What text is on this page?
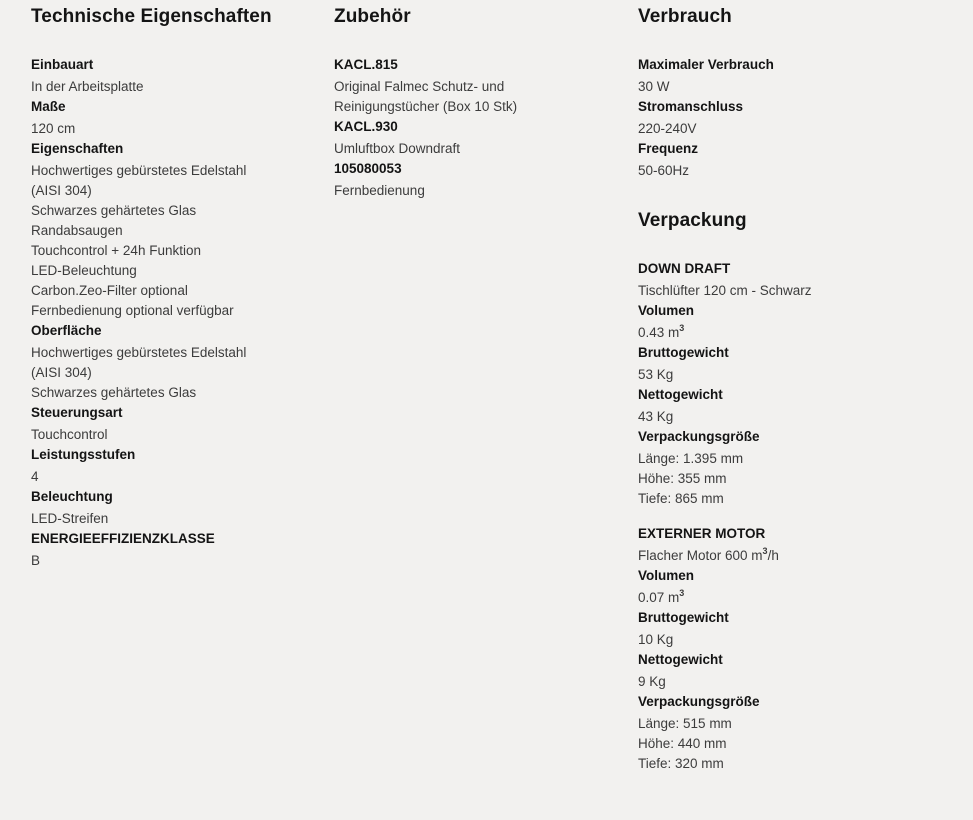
Technische Eigenschaften
Einbauart
In der Arbeitsplatte
Maße
120 cm
Eigenschaften
Hochwertiges gebürstetes Edelstahl
(AISI 304)
Schwarzes gehärtetes Glas
Randabsaugen
Touchcontrol + 24h Funktion
LED-Beleuchtung
Carbon.Zeo-Filter optional
Fernbedienung optional verfügbar
Oberfläche
Hochwertiges gebürstetes Edelstahl
(AISI 304)
Schwarzes gehärtetes Glas
Steuerungsart
Touchcontrol
Leistungsstufen
4
Beleuchtung
LED-Streifen
ENERGIEEFFIZIENZKLASSE
B
Zubehör
KACL.815
Original Falmec Schutz- und
Reinigungstücher (Box 10 Stk)
KACL.930
Umluftbox Downdraft
105080053
Fernbedienung
Verbrauch
Maximaler Verbrauch
30 W
Stromanschluss
220-240V
Frequenz
50-60Hz
Verpackung
DOWN DRAFT
Tischlüfter 120 cm - Schwarz
Volumen
0.43 $m^3$
Bruttogewicht
53 Kg
Nettogewicht
43 Kg
Verpackungsgröße
Länge: 1.395 mm
Höhe: 355 mm
Tiefe: 865 mm
EXTERNER MOTOR
Flacher Motor 600 $m^3/h$
Volumen
0.07 $m^3$
Bruttogewicht
10 Kg
Nettogewicht
9 Kg
Verpackungsgröße
Länge: 515 mm
Höhe: 440 mm
Tiefe: 320 mm
